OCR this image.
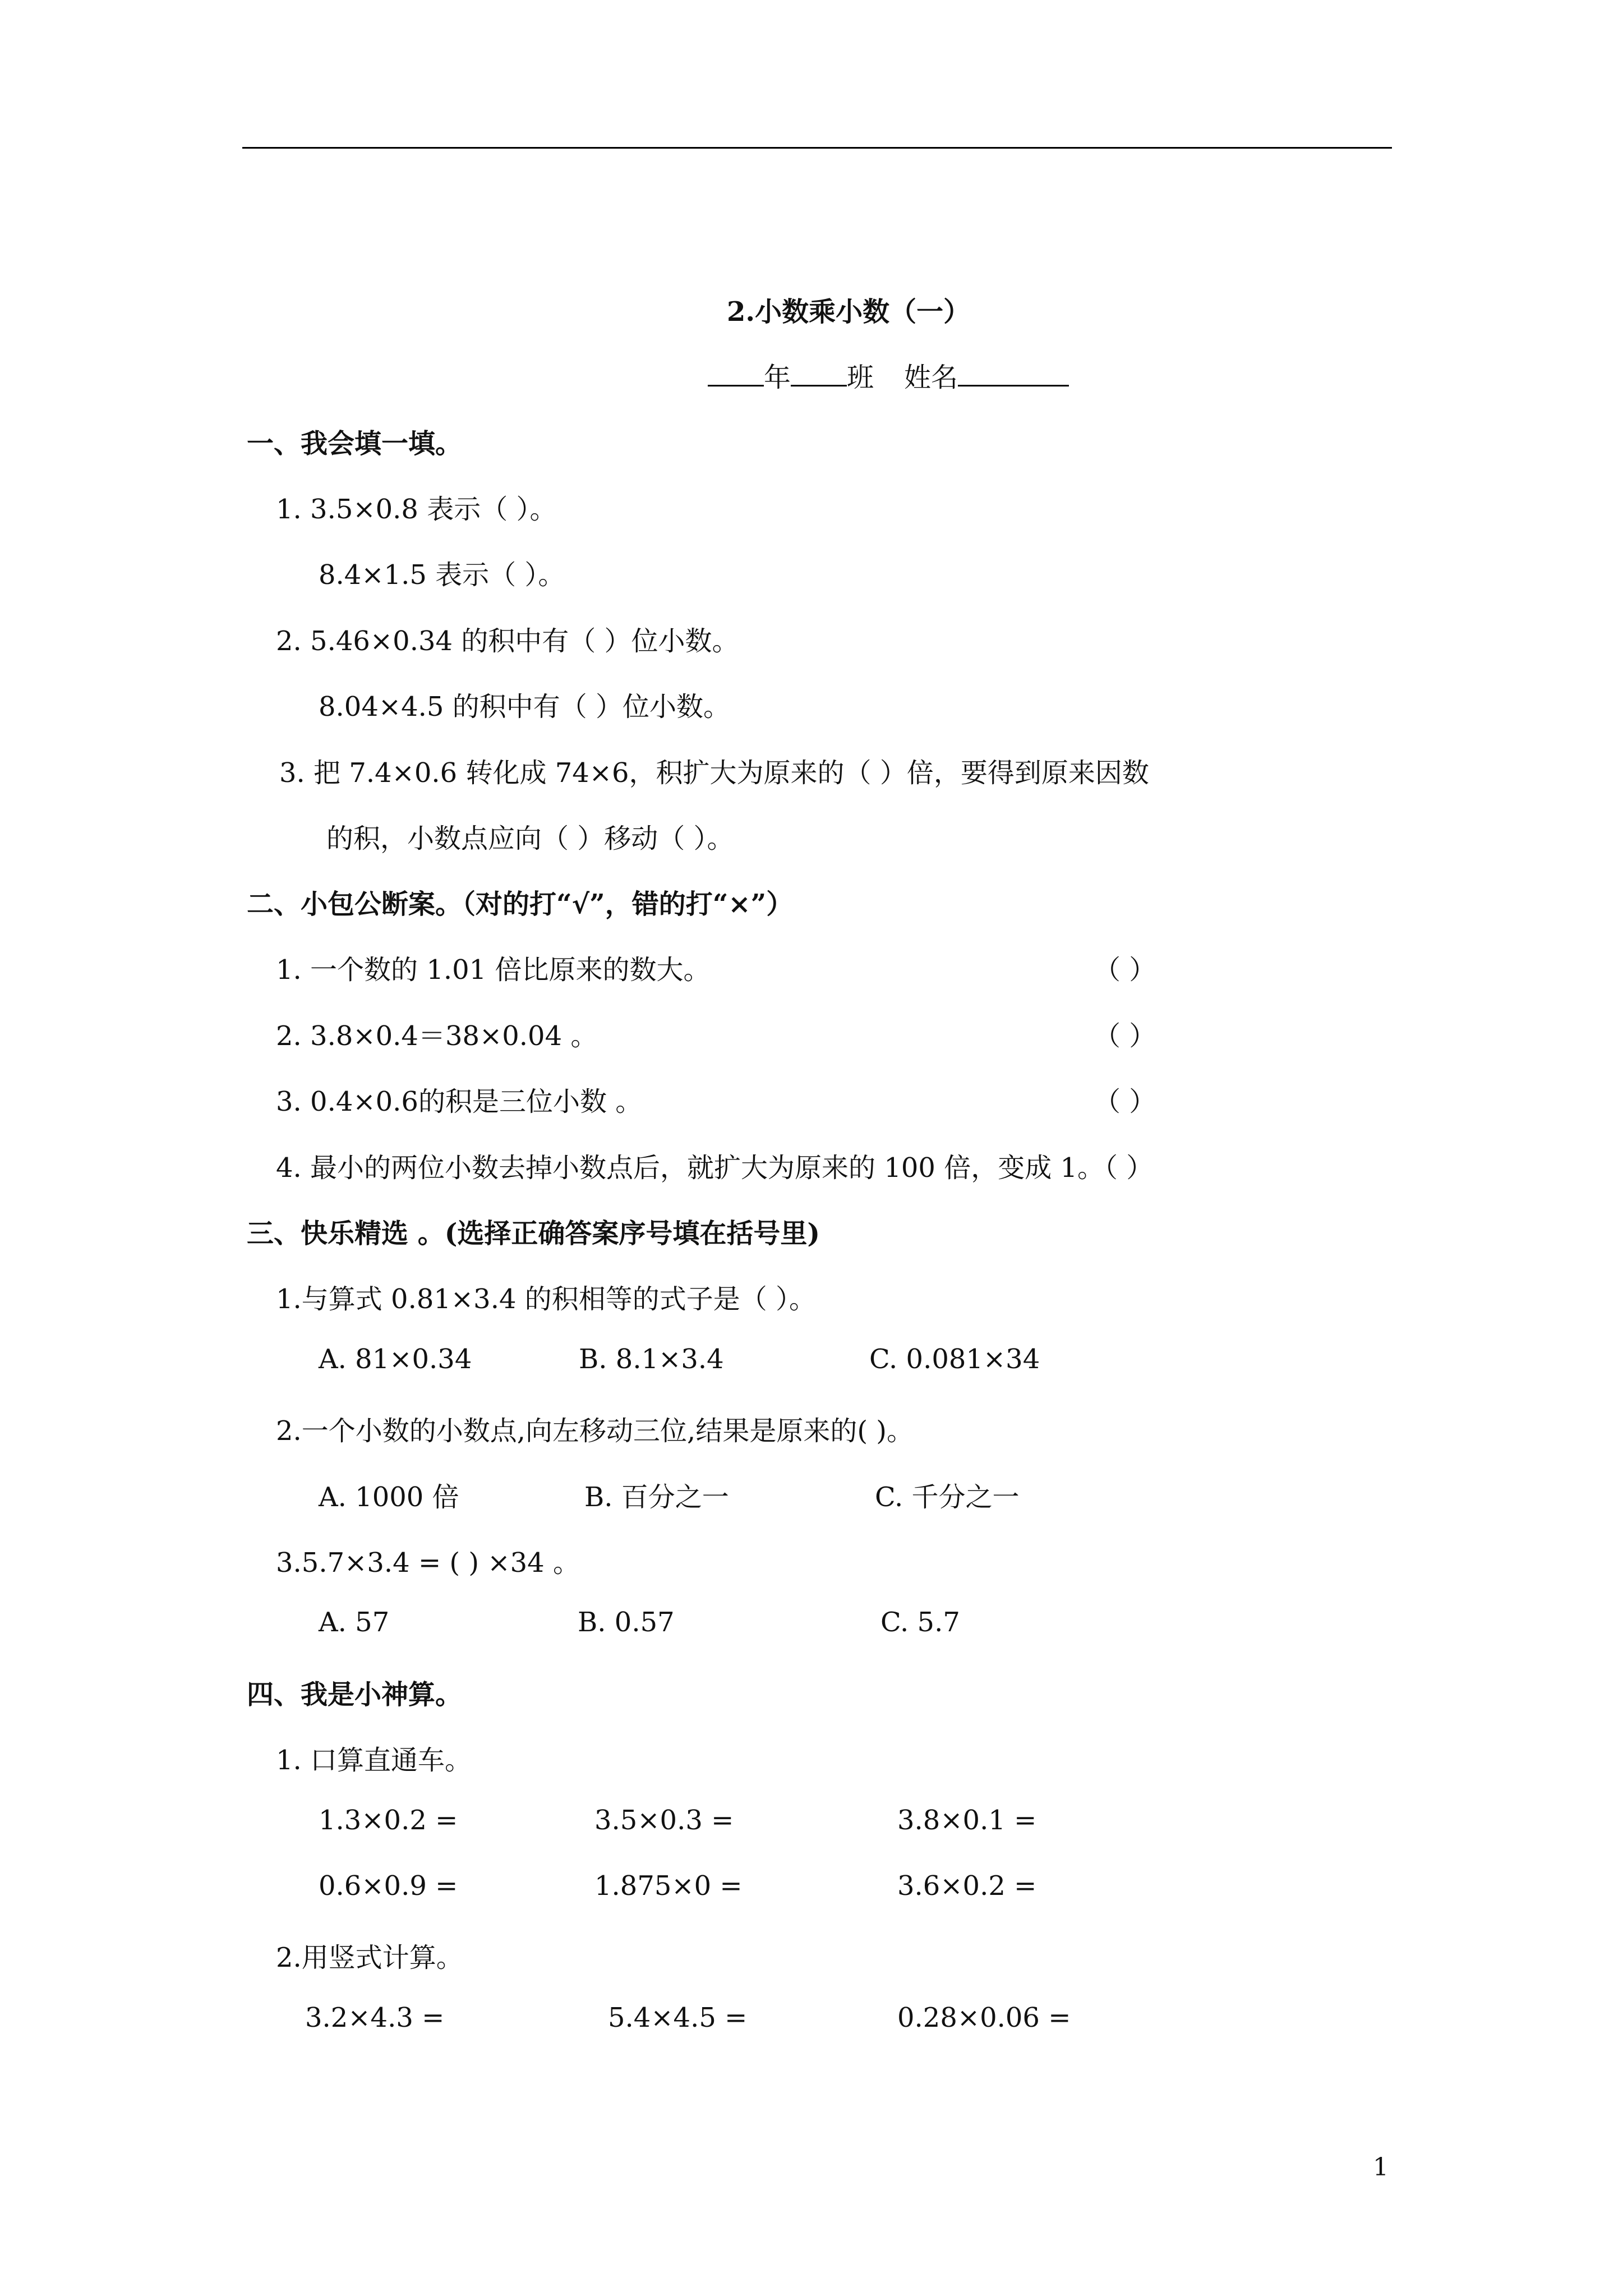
2.小数乘小数（一）
年 班 姓名
一、我会填一填。
1. 3.5×0.8 表示（ ）。
8.4×1.5 表示（ ）。
2. 5.46×0.34 的积中有（ ）位小数。
8.04×4.5 的积中有（ ）位小数。
3. 把 7.4×0.6 转化成 74×6，积扩大为原来的（ ）倍，要得到原来因数
的积，小数点应向（ ）移动（ ）。
二、小包公断案。（对的打“√”，错的打“×”）
1. 一个数的 1.01 倍比原来的数大。	（ ）
2. 3.8×0.4＝38×0.04 。	（ ）
3. 0.4×0.6的积是三位小数 。	（ ）
4. 最小的两位小数去掉小数点后，就扩大为原来的 100 倍，变成 1。（ ）
三、快乐精选 。(选择正确答案序号填在括号里)
1.与算式 0.81×3.4 的积相等的式子是（ ）。
A. 81×0.34	B. 8.1×3.4	C. 0.081×34
2.一个小数的小数点,向左移动三位,结果是原来的( )。
A. 1000 倍	B. 百分之一	C. 千分之一
3.5.7×3.4 = ( ) ×34 。
A. 57	B. 0.57	C. 5.7
四、我是小神算。
1. 口算直通车。
1.3×0.2 =	3.5×0.3 =	3.8×0.1 =
0.6×0.9 =	1.875×0 =	3.6×0.2 =
2.用竖式计算。
3.2×4.3 =	5.4×4.5 =	0.28×0.06 =
1
